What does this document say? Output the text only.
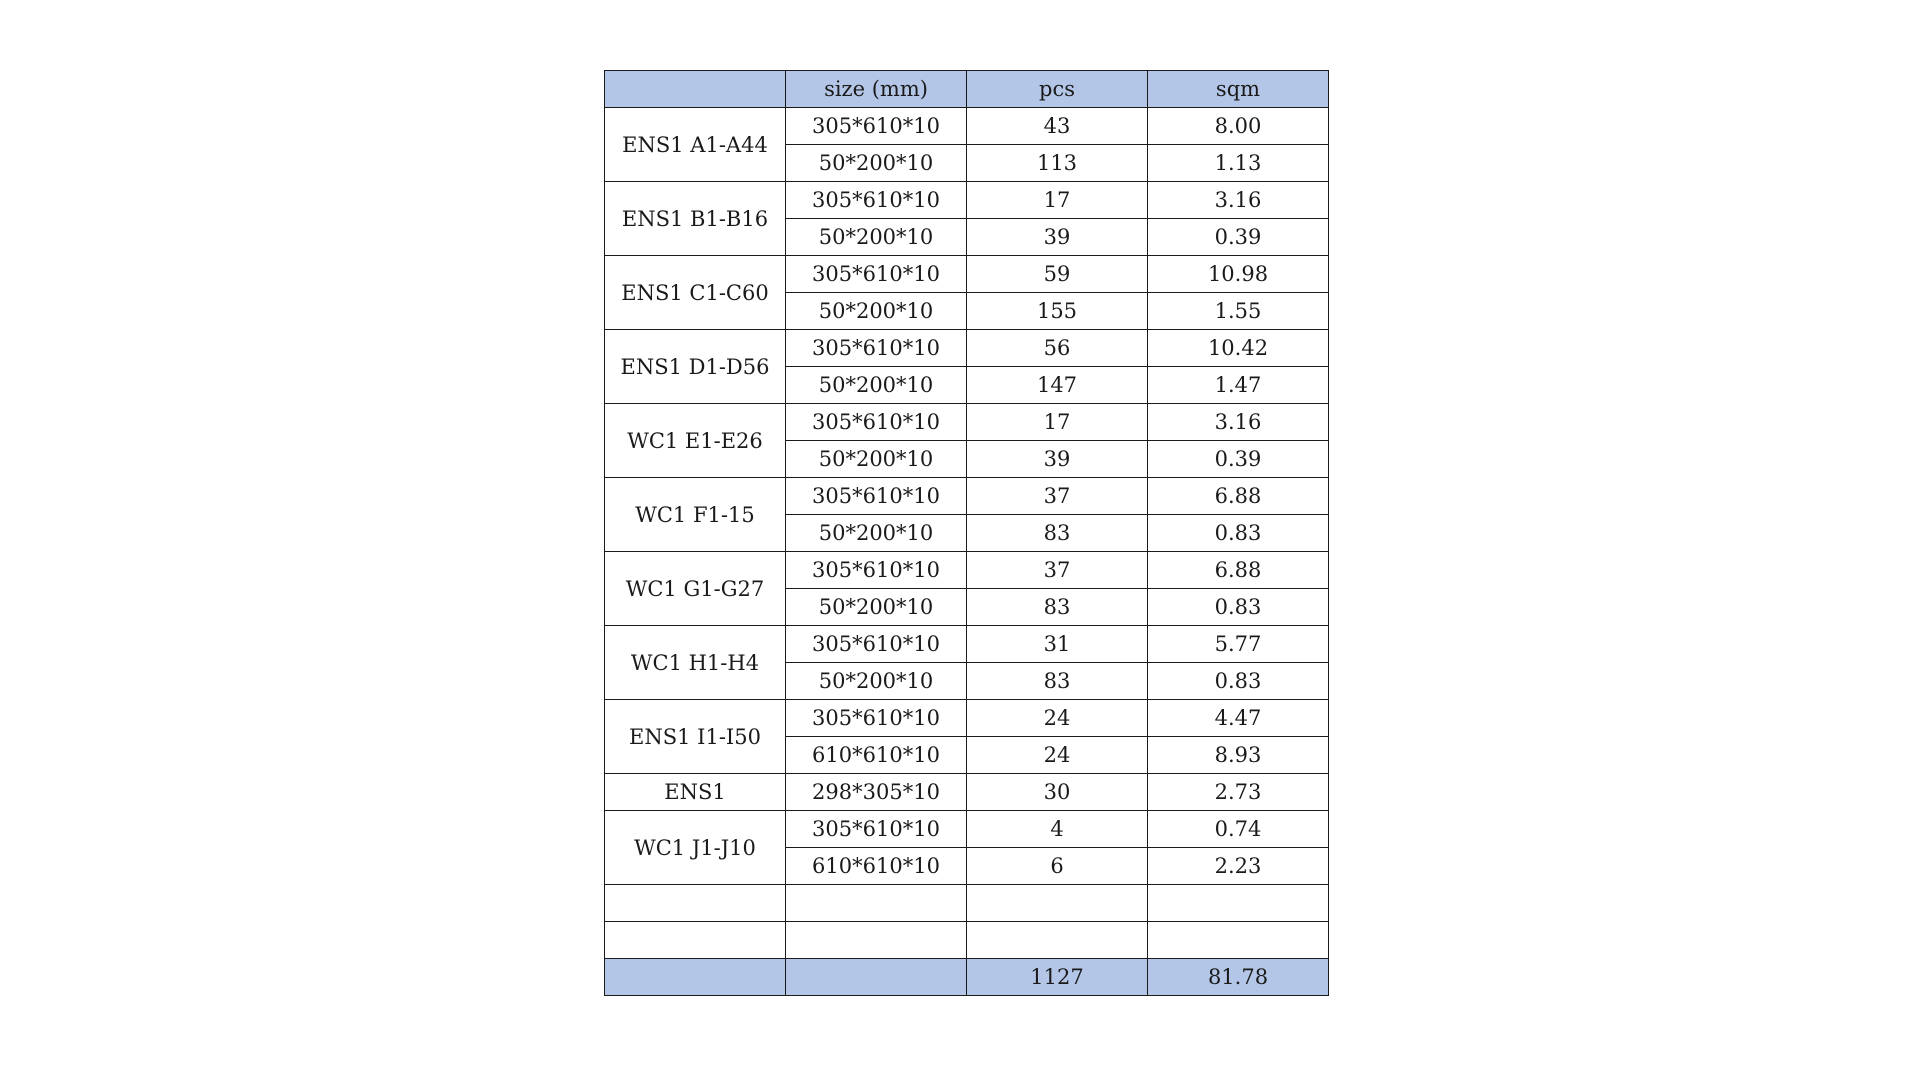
	size (mm)	pcs	sqm
ENS1 A1-A44	305*610*10	43	8.00
	50*200*10	113	1.13
ENS1 B1-B16	305*610*10	17	3.16
	50*200*10	39	0.39
ENS1 C1-C60	305*610*10	59	10.98
	50*200*10	155	1.55
ENS1 D1-D56	305*610*10	56	10.42
	50*200*10	147	1.47
WC1 E1-E26	305*610*10	17	3.16
	50*200*10	39	0.39
WC1 F1-15	305*610*10	37	6.88
	50*200*10	83	0.83
WC1 G1-G27	305*610*10	37	6.88
	50*200*10	83	0.83
WC1 H1-H4	305*610*10	31	5.77
	50*200*10	83	0.83
ENS1 I1-I50	305*610*10	24	4.47
	610*610*10	24	8.93
ENS1	298*305*10	30	2.73
WC1 J1-J10	305*610*10	4	0.74
	610*610*10	6	2.23

		1127	81.78
